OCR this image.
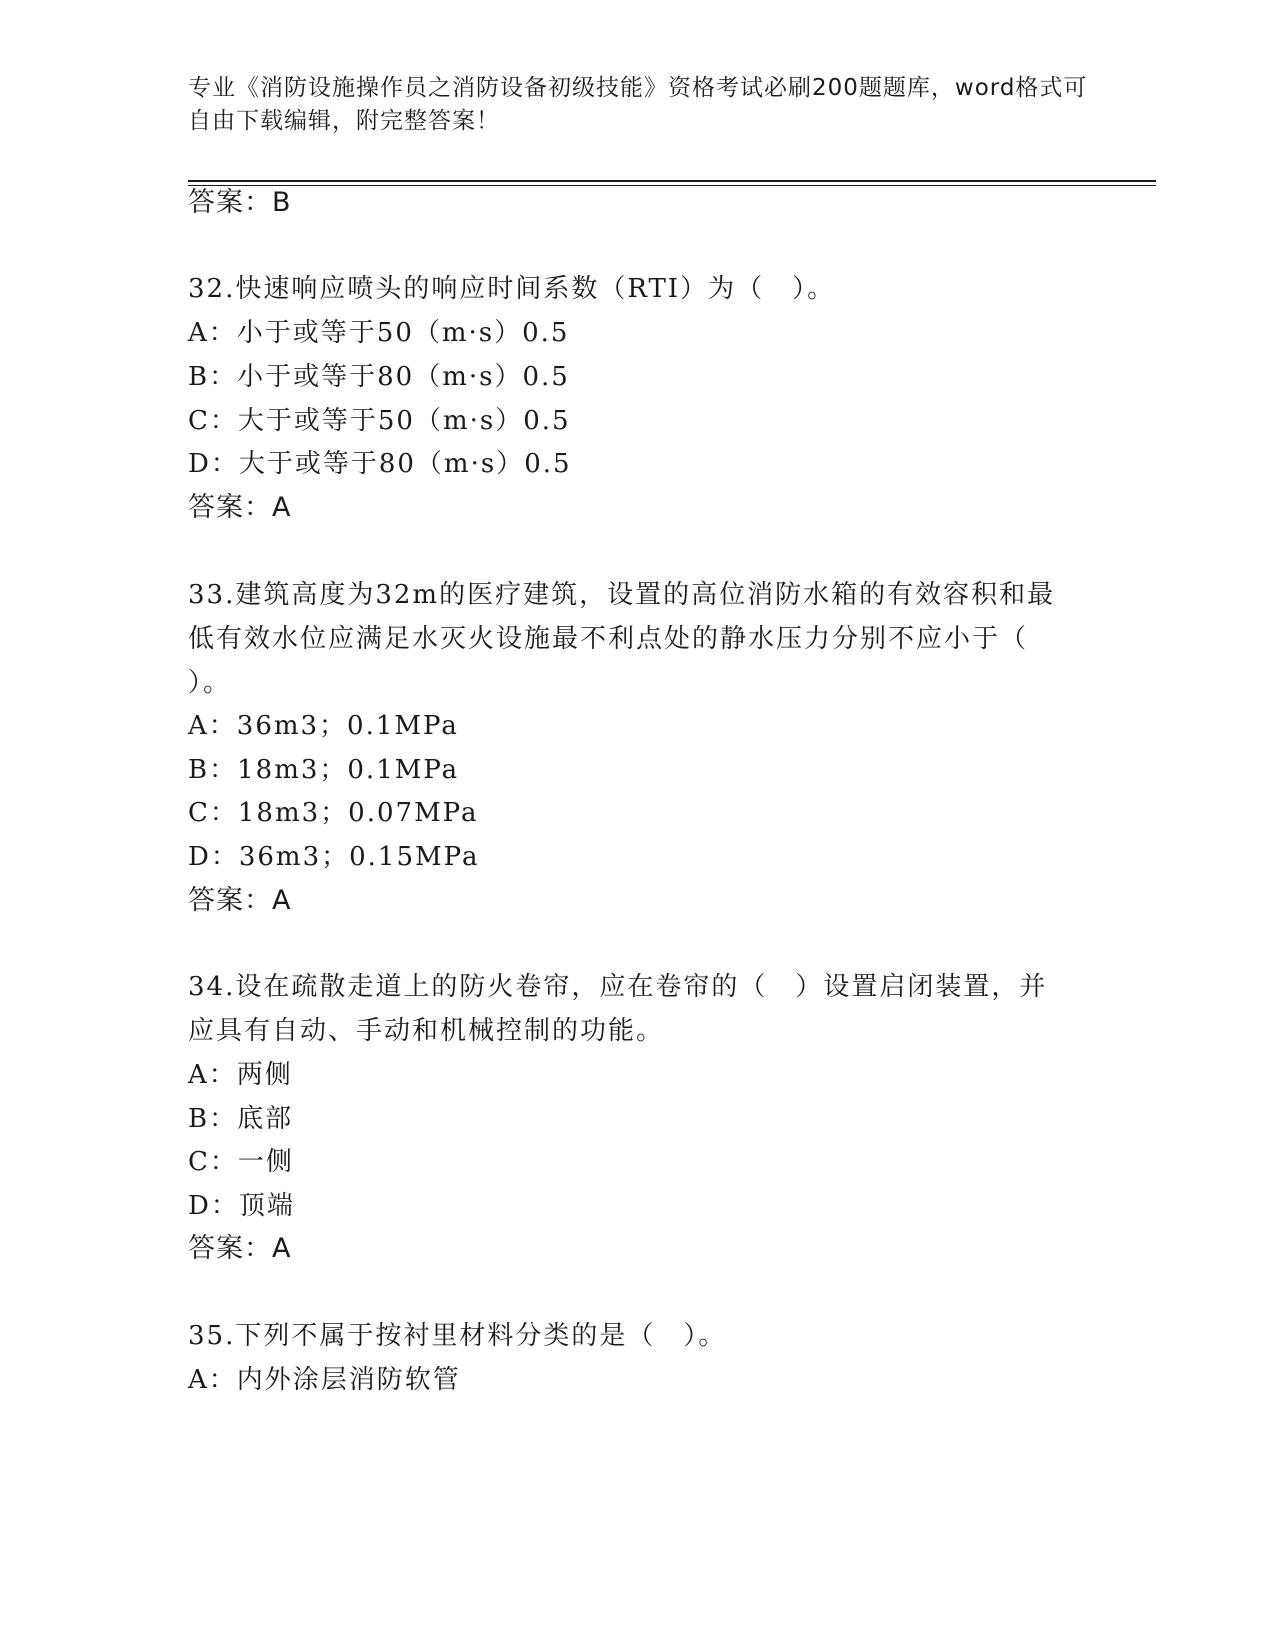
专业《消防设施操作员之消防设备初级技能》资格考试必刷200题题库，word格式可自由下载编辑，附完整答案！
答案：B
32.快速响应喷头的响应时间系数（RTI）为（　）。
A：小于或等于50（m·s）0.5
B：小于或等于80（m·s）0.5
C：大于或等于50（m·s）0.5
D：大于或等于80（m·s）0.5
答案：A
33.建筑高度为32m的医疗建筑，设置的高位消防水箱的有效容积和最
低有效水位应满足水灭火设施最不利点处的静水压力分别不应小于（
）。
A：36m3；0.1MPa
B：18m3；0.1MPa
C：18m3；0.07MPa
D：36m3；0.15MPa
答案：A
34.设在疏散走道上的防火卷帘，应在卷帘的（　）设置启闭装置，并
应具有自动、手动和机械控制的功能。
A：两侧
B：底部
C：一侧
D：顶端
答案：A
35.下列不属于按衬里材料分类的是（　）。
A：内外涂层消防软管
